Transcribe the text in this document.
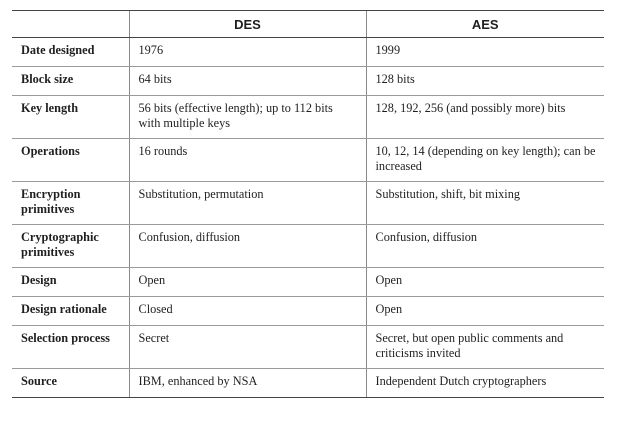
	DES	AES
Date designed	1976	1999
Block size	64 bits	128 bits
Key length	56 bits (effective length); up to 112 bits with multiple keys	128, 192, 256 (and possibly more) bits
Operations	16 rounds	10, 12, 14 (depending on key length); can be increased
Encryption primitives	Substitution, permutation	Substitution, shift, bit mixing
Cryptographic primitives	Confusion, diffusion	Confusion, diffusion
Design	Open	Open
Design rationale	Closed	Open
Selection process	Secret	Secret, but open public comments and criticisms invited
Source	IBM, enhanced by NSA	Independent Dutch cryptographers
